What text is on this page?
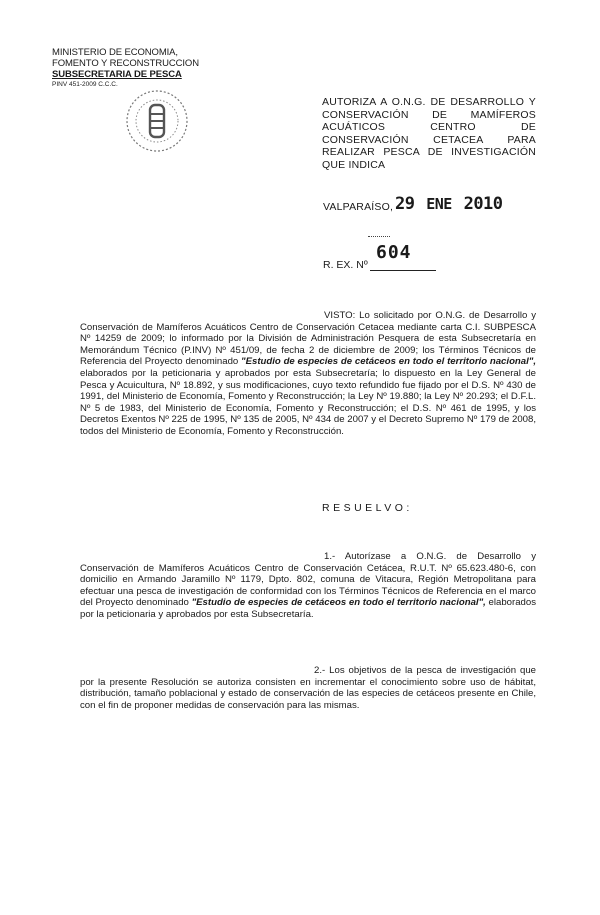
MINISTERIO DE ECONOMIA,
FOMENTO Y RECONSTRUCCION
SUBSECRETARIA DE PESCA
PINV 451-2009 C.C.C.
AUTORIZA A O.N.G. DE DESARROLLO Y CONSERVACIÓN DE MAMÍFEROS ACUÁTICOS CENTRO DE CONSERVACIÓN CETACEA PARA REALIZAR PESCA DE INVESTIGACIÓN QUE INDICA
VALPARAÍSO, 29 ENE 2010
604
R. EX. Nº
VISTO: Lo solicitado por O.N.G. de Desarrollo y Conservación de Mamíferos Acuáticos Centro de Conservación Cetacea mediante carta C.I. SUBPESCA Nº 14259 de 2009; lo informado por la División de Administración Pesquera de esta Subsecretaría en Memorándum Técnico (P.INV) Nº 451/09, de fecha 2 de diciembre de 2009; los Términos Técnicos de Referencia del Proyecto denominado "Estudio de especies de cetáceos en todo el territorio nacional", elaborados por la peticionaria y aprobados por esta Subsecretaría; lo dispuesto en la Ley General de Pesca y Acuicultura, Nº 18.892, y sus modificaciones, cuyo texto refundido fue fijado por el D.S. Nº 430 de 1991, del Ministerio de Economía, Fomento y Reconstrucción; la Ley Nº 19.880; la Ley Nº 20.293; el D.F.L. Nº 5 de 1983, del Ministerio de Economía, Fomento y Reconstrucción; el D.S. Nº 461 de 1995, y los Decretos Exentos Nº 225 de 1995, Nº 135 de 2005, Nº 434 de 2007 y el Decreto Supremo Nº 179 de 2008, todos del Ministerio de Economía, Fomento y Reconstrucción.
RESUELVO:
1.- Autorízase a O.N.G. de Desarrollo y Conservación de Mamíferos Acuáticos Centro de Conservación Cetácea, R.U.T. Nº 65.623.480-6, con domicilio en Armando Jaramillo Nº 1179, Dpto. 802, comuna de Vitacura, Región Metropolitana para efectuar una pesca de investigación de conformidad con los Términos Técnicos de Referencia en el marco del Proyecto denominado "Estudio de especies de cetáceos en todo el territorio nacional", elaborados por la peticionaria y aprobados por esta Subsecretaría.
2.- Los objetivos de la pesca de investigación que por la presente Resolución se autoriza consisten en incrementar el conocimiento sobre uso de hábitat, distribución, tamaño poblacional y estado de conservación de las especies de cetáceos presente en Chile, con el fin de proponer medidas de conservación para las mismas.
